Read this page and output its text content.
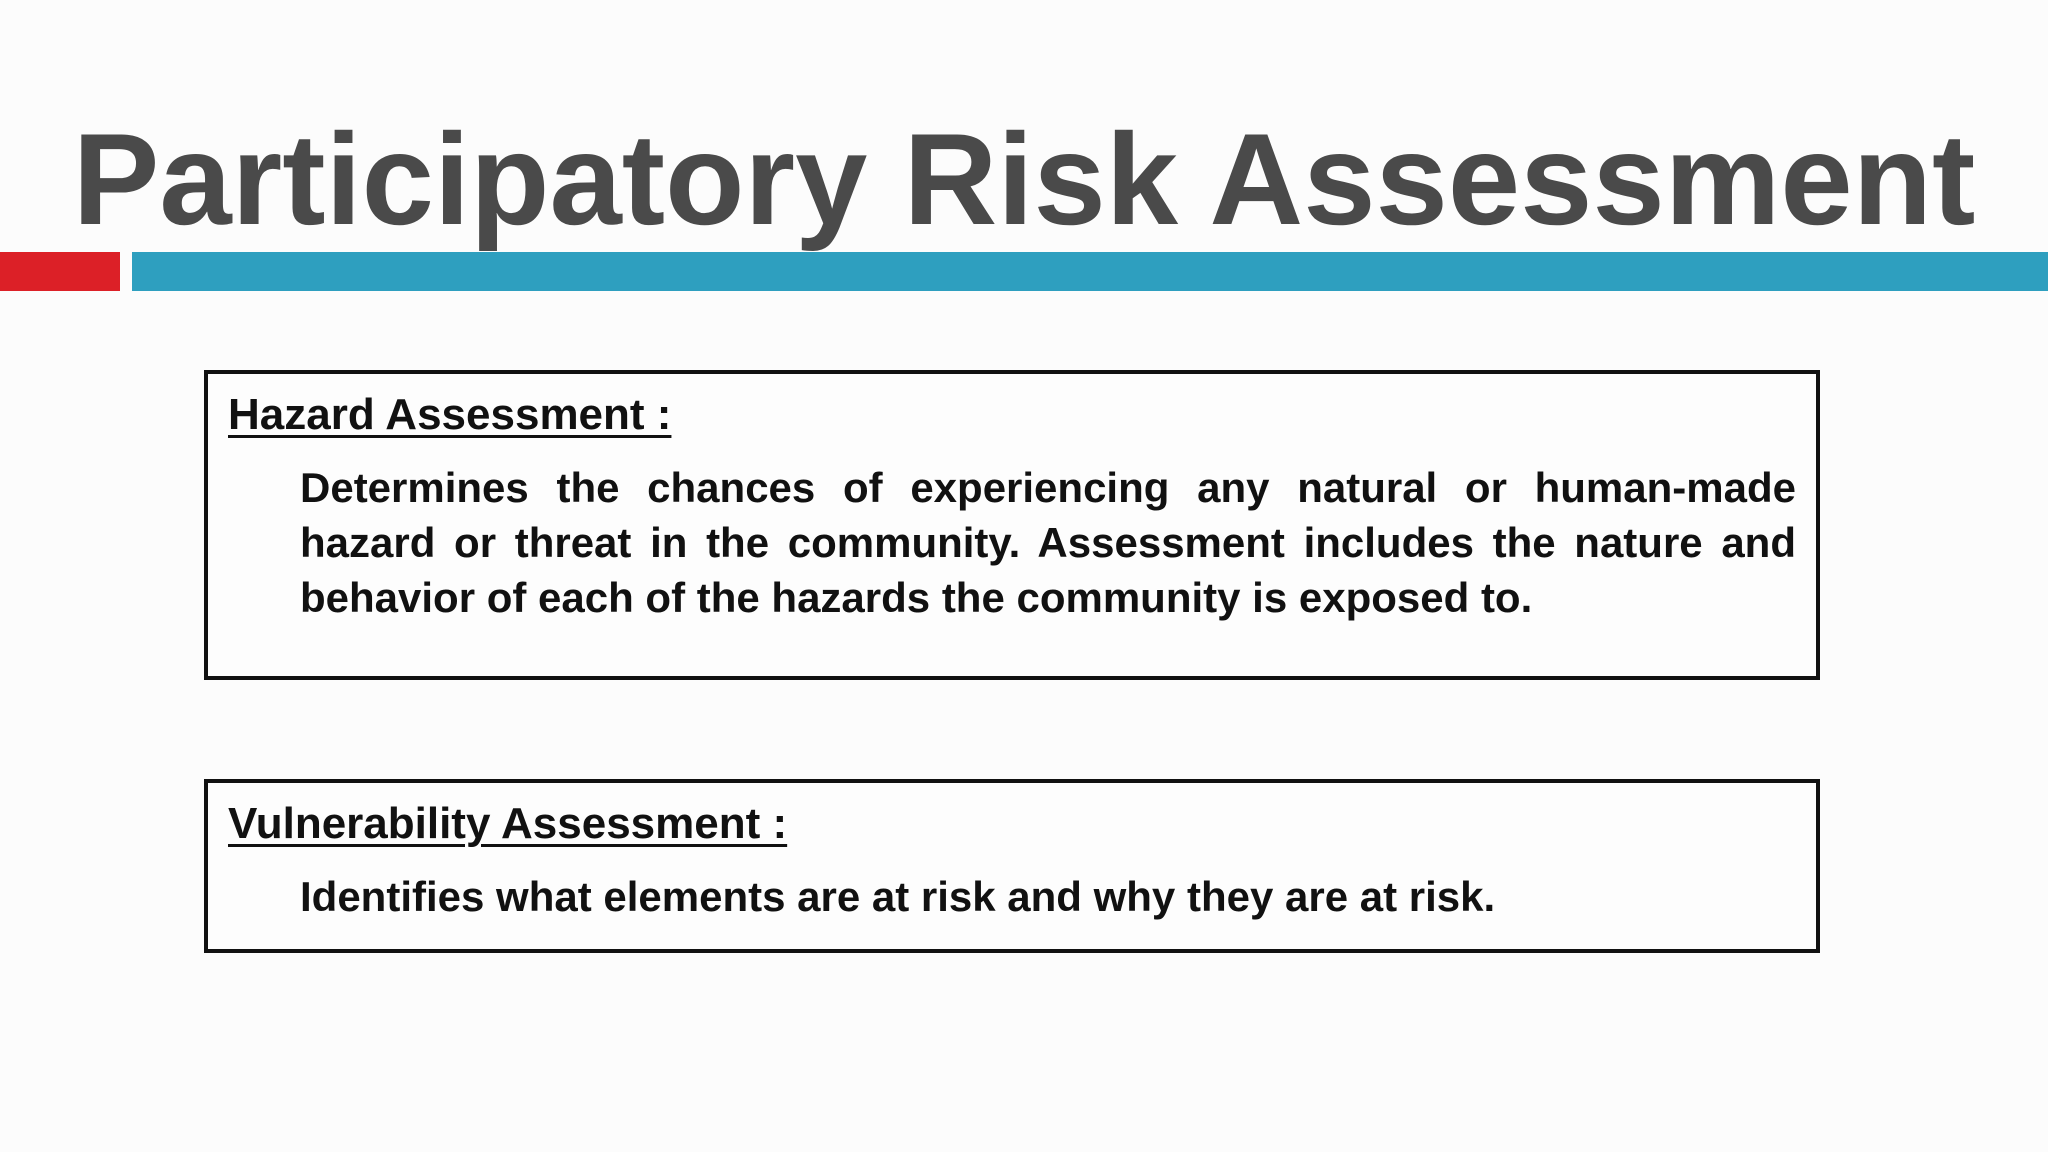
Participatory Risk Assessment
Hazard Assessment :

Determines the chances of experiencing any natural or human-made hazard or threat in the community. Assessment includes the nature and behavior of each of the hazards the community is exposed to.

Vulnerability Assessment :

Identifies what elements are at risk and why they are at risk.
